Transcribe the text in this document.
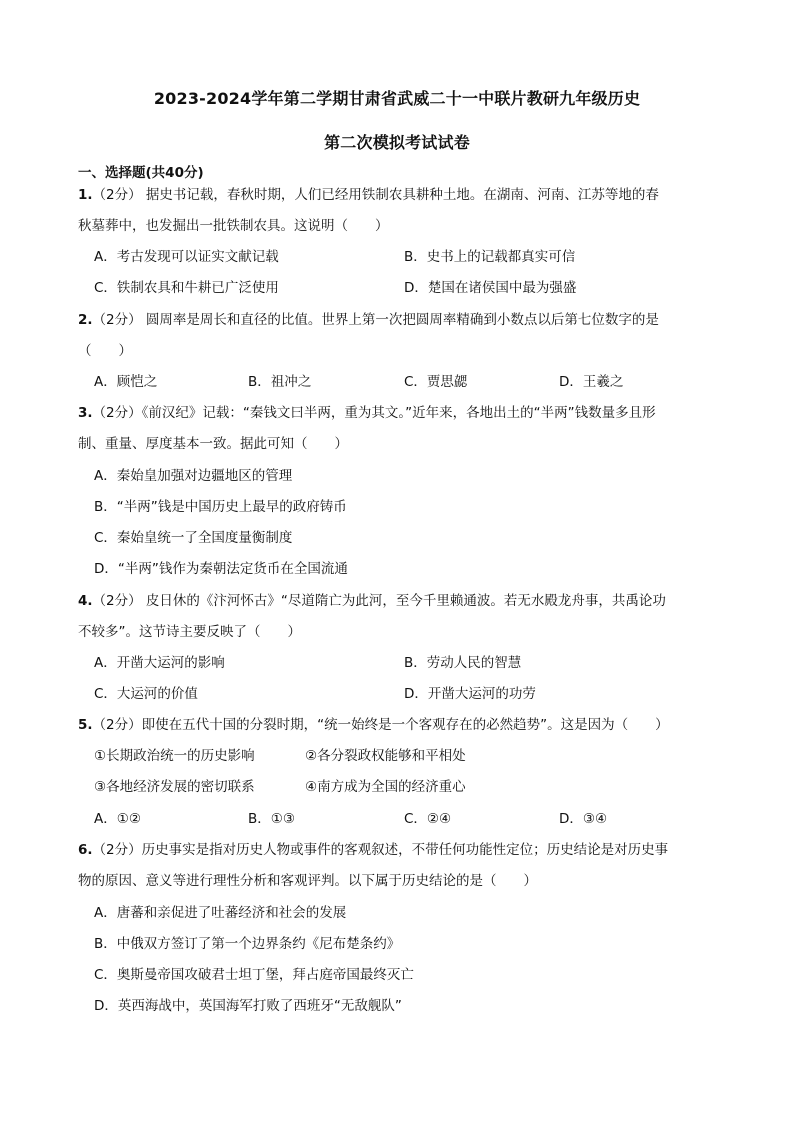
2023-2024学年第二学期甘肃省武威二十一中联片教研九年级历史
第二次模拟考试试卷
一、选择题(共40分)
1.（2分） 据史书记载，春秋时期，人们已经用铁制农具耕种土地。在湖南、河南、江苏等地的春
秋墓葬中，也发掘出一批铁制农具。这说明（　　）
A．考古发现可以证实文献记载	B．史书上的记载都真实可信
C．铁制农具和牛耕已广泛使用	D．楚国在诸侯国中最为强盛
2.（2分） 圆周率是周长和直径的比值。世界上第一次把圆周率精确到小数点以后第七位数字的是
（　　）
A．顾恺之	B．祖冲之	C．贾思勰	D．王羲之
3.（2分）《前汉纪》记载：“秦钱文曰半两，重为其文。”近年来，各地出土的“半两”钱数量多且形
制、重量、厚度基本一致。据此可知（　　）
A．秦始皇加强对边疆地区的管理
B．“半两”钱是中国历史上最早的政府铸币
C．秦始皇统一了全国度量衡制度
D．“半两”钱作为秦朝法定货币在全国流通
4.（2分） 皮日休的《汴河怀古》“尽道隋亡为此河，至今千里赖通波。若无水殿龙舟事，共禹论功
不较多”。这节诗主要反映了（　　）
A．开凿大运河的影响	B．劳动人民的智慧
C．大运河的价值	D．开凿大运河的功劳
5.（2分）即使在五代十国的分裂时期，“统一始终是一个客观存在的必然趋势”。这是因为（　　）
①长期政治统一的历史影响	②各分裂政权能够和平相处
③各地经济发展的密切联系	④南方成为全国的经济重心
A．①②	B．①③	C．②④	D．③④
6.（2分）历史事实是指对历史人物或事件的客观叙述，不带任何功能性定位；历史结论是对历史事
物的原因、意义等进行理性分析和客观评判。以下属于历史结论的是（　　）
A．唐蕃和亲促进了吐蕃经济和社会的发展
B．中俄双方签订了第一个边界条约《尼布楚条约》
C．奥斯曼帝国攻破君士坦丁堡，拜占庭帝国最终灭亡
D．英西海战中，英国海军打败了西班牙“无敌舰队”
